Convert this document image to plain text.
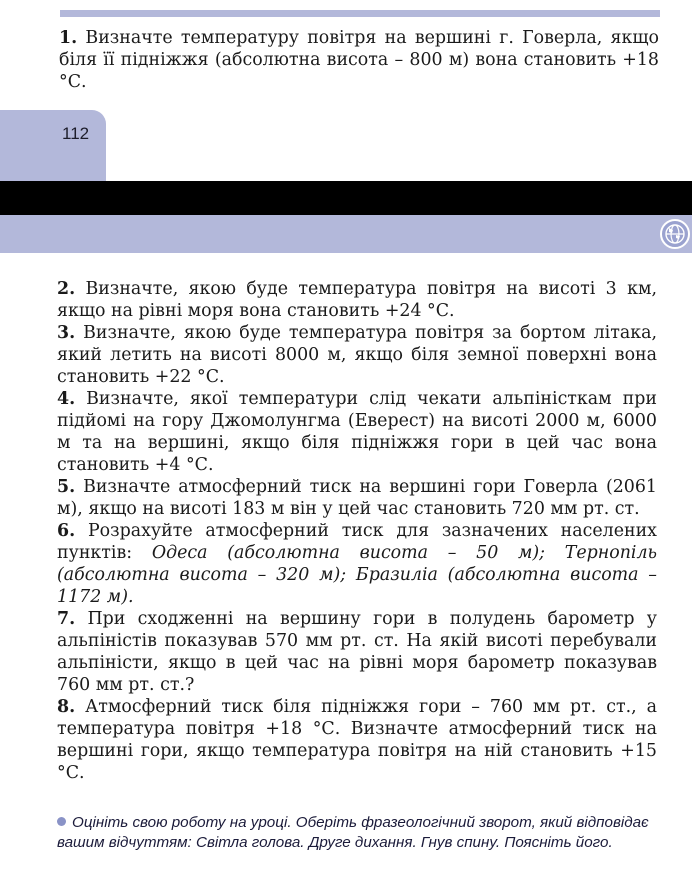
1. Визначте температуру повітря на вершині г. Говерла, якщо біля її підніжжя (абсолютна висота – 800 м) вона становить +18 °С.

112

2. Визначте, якою буде температура повітря на висоті 3 км, якщо на рівні моря вона становить +24 °С.

3. Визначте, якою буде температура повітря за бортом літака, який летить на висоті 8000 м, якщо біля земної поверхні вона становить +22 °С.

4. Визначте, якої температури слід чекати альпіністкам при підйомі на гору Джомолунгма (Еверест) на висоті 2000 м, 6000 м та на вершині, якщо біля підніжжя гори в цей час вона становить +4 °С.

5. Визначте атмосферний тиск на вершині гори Говерла (2061 м), якщо на висоті 183 м він у цей час становить 720 мм рт. ст.

6. Розрахуйте атмосферний тиск для зазначених населених пунктів: Одеса (абсолютна висота – 50 м); Тернопіль (абсолютна висота – 320 м); Бразиліа (абсолютна висота – 1172 м).

7. При сходженні на вершину гори в полудень барометр у альпіністів показував 570 мм рт. ст. На якій висоті перебували альпіністи, якщо в цей час на рівні моря барометр показував 760 мм рт. ст.?

8. Атмосферний тиск біля підніжжя гори – 760 мм рт. ст., а температура повітря +18 °С. Визначте атмосферний тиск на вершині гори, якщо температура повітря на ній становить +15 °С.

Оцініть свою роботу на уроці. Оберіть фразеологічний зворот, який відповідає вашим відчуттям: Світла голова. Друге дихання. Гнув спину. Поясніть його.
